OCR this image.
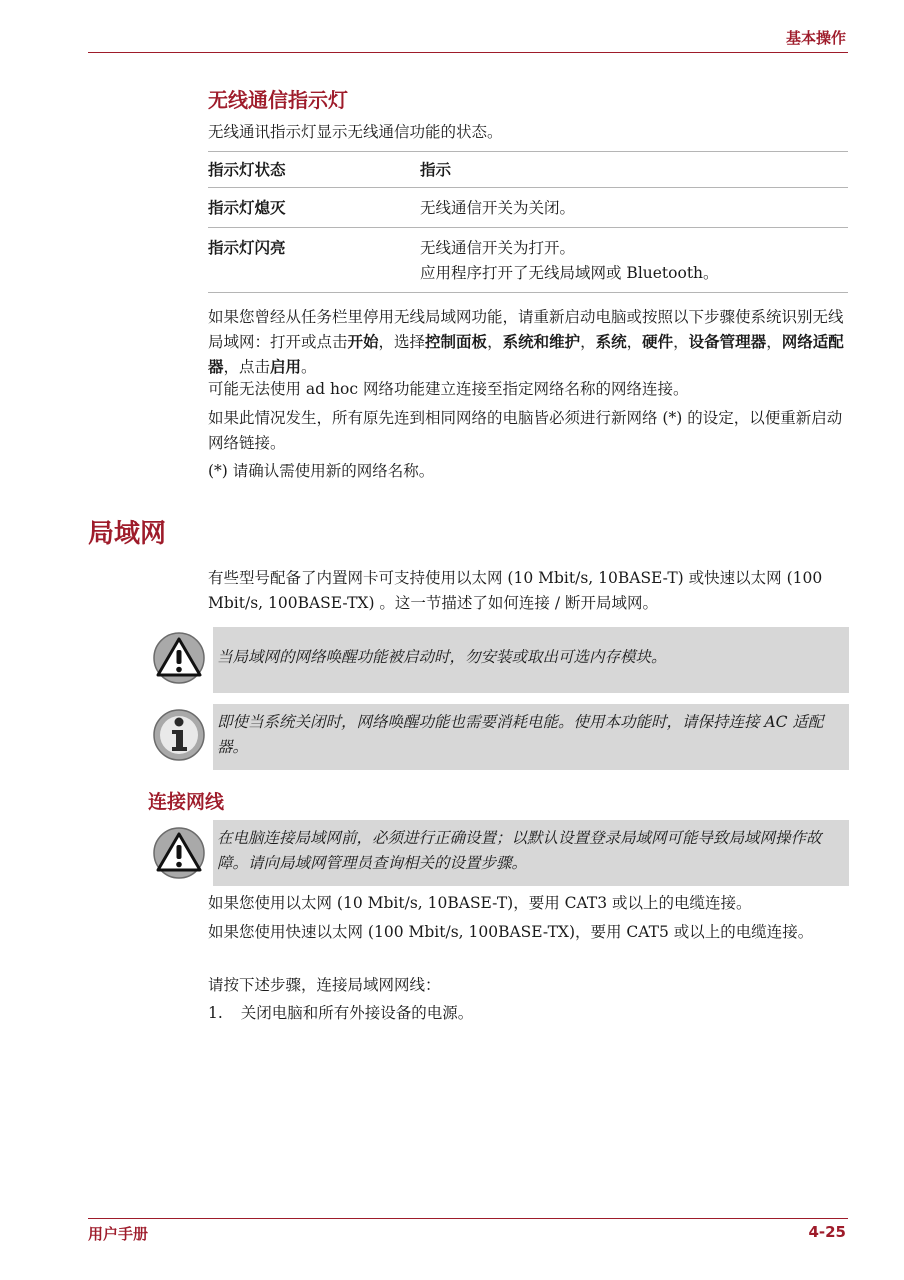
基本操作
无线通信指示灯
无线通讯指示灯显示无线通信功能的状态。
指示灯状态	指示
指示灯熄灭	无线通信开关为关闭。

指示灯闪亮	无线通信开关为打开。
应用程序打开了无线局域网或 Bluetooth。
如果您曾经从任务栏里停用无线局域网功能，请重新启动电脑或按照以下步骤使系统识别无线局域网：打开或点击开始，选择控制面板，系统和维护，系统，硬件，设备管理器，网络适配器，点击启用。
可能无法使用 ad hoc 网络功能建立连接至指定网络名称的网络连接。
如果此情况发生，所有原先连到相同网络的电脑皆必须进行新网络 (*) 的设定，以便重新启动网络链接。
(*) 请确认需使用新的网络名称。
局域网
有些型号配备了内置网卡可支持使用以太网 (10 Mbit/s, 10BASE-T) 或快速以太网 (100 Mbit/s, 100BASE-TX) 。这一节描述了如何连接 / 断开局域网。
当局域网的网络唤醒功能被启动时，勿安装或取出可选内存模块。
即使当系统关闭时，网络唤醒功能也需要消耗电能。使用本功能时，请保持连接 AC 适配器。
连接网线
在电脑连接局域网前，必须进行正确设置；以默认设置登录局域网可能导致局域网操作故障。请向局域网管理员查询相关的设置步骤。
如果您使用以太网 (10 Mbit/s, 10BASE-T)，要用 CAT3 或以上的电缆连接。
如果您使用快速以太网 (100 Mbit/s, 100BASE-TX)，要用 CAT5 或以上的电缆连接。
请按下述步骤，连接局域网网线：
1. 关闭电脑和所有外接设备的电源。
用户手册	4-25
